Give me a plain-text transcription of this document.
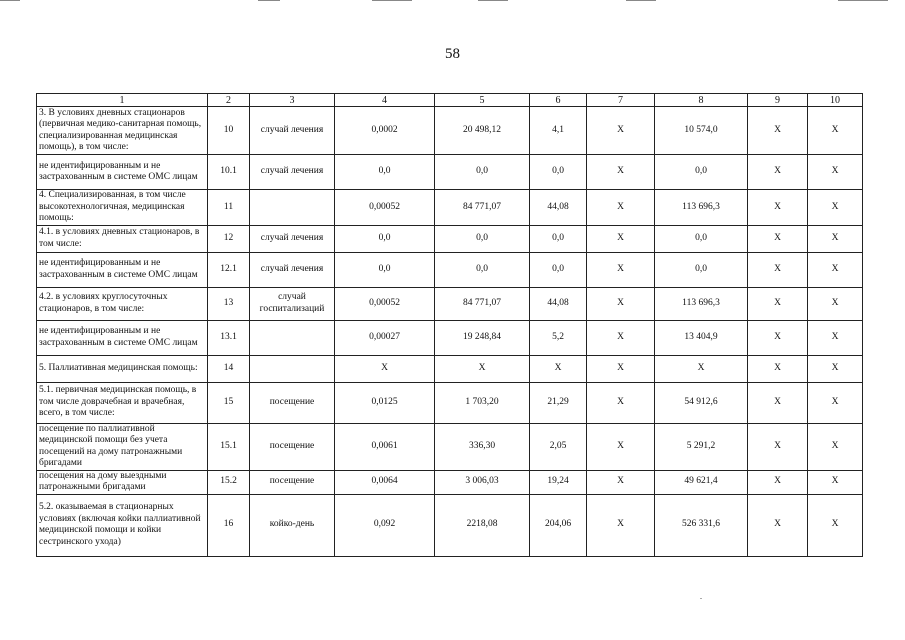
58
1	2	3	4	5	6	7	8	9	10
3. В условиях дневных стационаров (первичная медико-санитарная помощь, специализированная медицинская помощь), в том числе:	10	случай лечения	0,0002	20 498,12	4,1	X	10 574,0	X	X
не идентифицированным и не застрахованным в системе ОМС лицам	10.1	случай лечения	0,0	0,0	0,0	X	0,0	X	X
4. Специализированная, в том числе высокотехнологичная, медицинская помощь:	11		0,00052	84 771,07	44,08	X	113 696,3	X	X
4.1. в условиях дневных стационаров, в том числе:	12	случай лечения	0,0	0,0	0,0	X	0,0	X	X
не идентифицированным и не застрахованным в системе ОМС лицам	12.1	случай лечения	0,0	0,0	0,0	X	0,0	X	X
4.2. в условиях круглосуточных стационаров, в том числе:	13	случай госпитализаций	0,00052	84 771,07	44,08	X	113 696,3	X	X
не идентифицированным и не застрахованным в системе ОМС лицам	13.1		0,00027	19 248,84	5,2	X	13 404,9	X	X
5. Паллиативная медицинская помощь:	14		X	X	X	X	X	X	X
5.1. первичная медицинская помощь, в том числе доврачебная и врачебная, всего, в том числе:	15	посещение	0,0125	1 703,20	21,29	X	54 912,6	X	X
посещение по паллиативной медицинской помощи без учета посещений на дому патронажными бригадами	15.1	посещение	0,0061	336,30	2,05	X	5 291,2	X	X
посещения на дому выездными патронажными бригадами	15.2	посещение	0,0064	3 006,03	19,24	X	49 621,4	X	X
5.2. оказываемая в стационарных условиях (включая койки паллиативной медицинской помощи и койки сестринского ухода)	16	койко-день	0,092	2218,08	204,06	X	526 331,6	X	X
